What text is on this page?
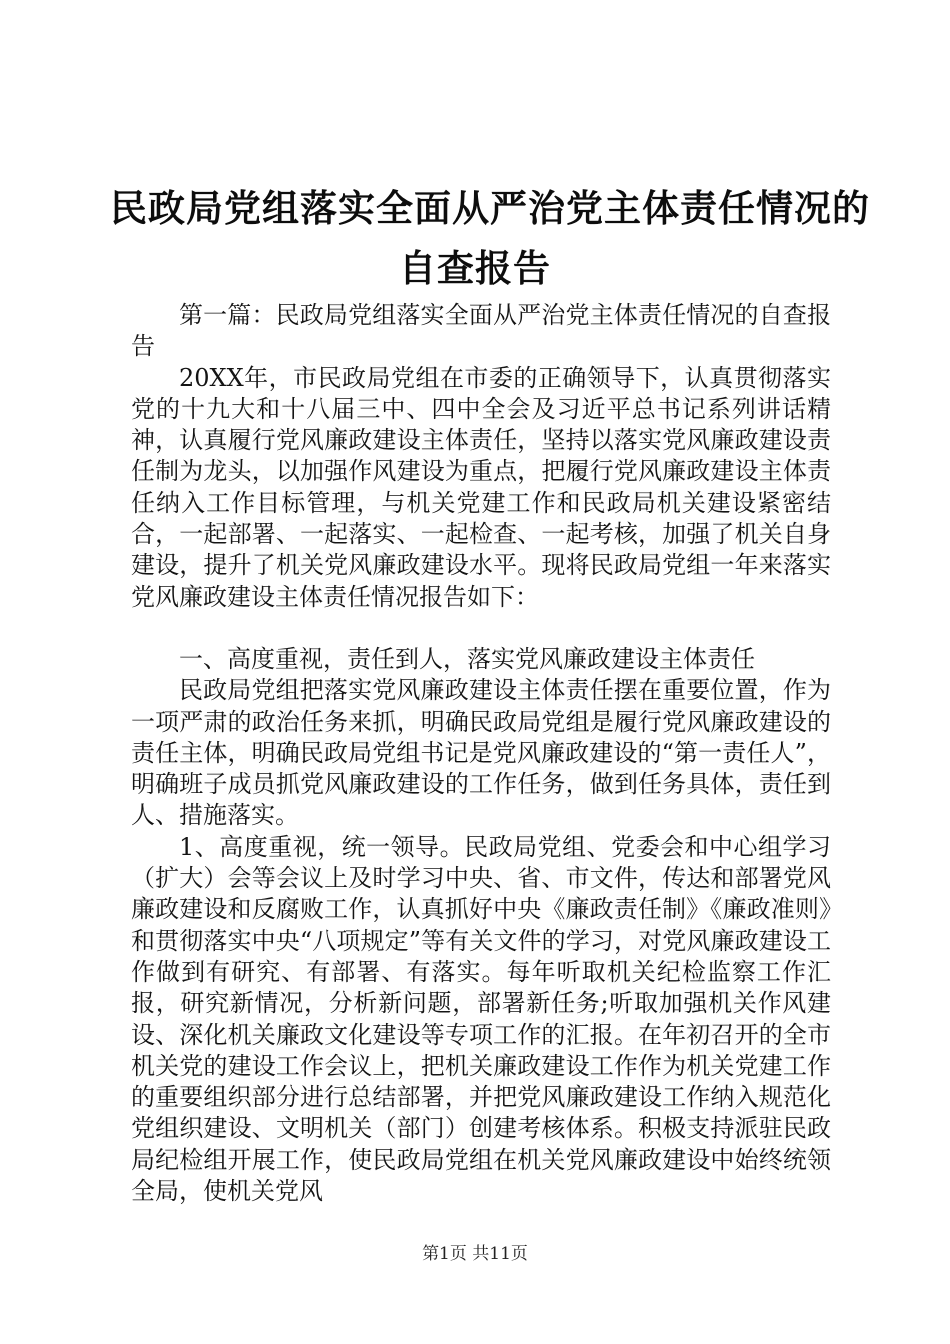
民政局党组落实全面从严治党主体责任情况的
自查报告

第一篇：民政局党组落实全面从严治党主体责任情况的自查报告

20XX年，市民政局党组在市委的正确领导下，认真贯彻落实党的十九大和十八届三中、四中全会及习近平总书记系列讲话精神，认真履行党风廉政建设主体责任，坚持以落实党风廉政建设责任制为龙头，以加强作风建设为重点，把履行党风廉政建设主体责任纳入工作目标管理，与机关党建工作和民政局机关建设紧密结合，一起部署、一起落实、一起检查、一起考核，加强了机关自身建设，提升了机关党风廉政建设水平。现将民政局党组一年来落实党风廉政建设主体责任情况报告如下：

一、高度重视，责任到人，落实党风廉政建设主体责任

民政局党组把落实党风廉政建设主体责任摆在重要位置，作为一项严肃的政治任务来抓，明确民政局党组是履行党风廉政建设的责任主体，明确民政局党组书记是党风廉政建设的“第一责任人”，明确班子成员抓党风廉政建设的工作任务，做到任务具体，责任到人、措施落实。

1、高度重视，统一领导。民政局党组、党委会和中心组学习（扩大）会等会议上及时学习中央、省、市文件，传达和部署党风廉政建设和反腐败工作，认真抓好中央《廉政责任制》《廉政准则》和贯彻落实中央“八项规定”等有关文件的学习，对党风廉政建设工作做到有研究、有部署、有落实。每年听取机关纪检监察工作汇报，研究新情况，分析新问题，部署新任务;听取加强机关作风建设、深化机关廉政文化建设等专项工作的汇报。在年初召开的全市机关党的建设工作会议上，把机关廉政建设工作作为机关党建工作的重要组织部分进行总结部署，并把党风廉政建设工作纳入规范化党组织建设、文明机关（部门）创建考核体系。积极支持派驻民政局纪检组开展工作，使民政局党组在机关党风廉政建设中始终统领全局，使机关党风

第1页 共11页
